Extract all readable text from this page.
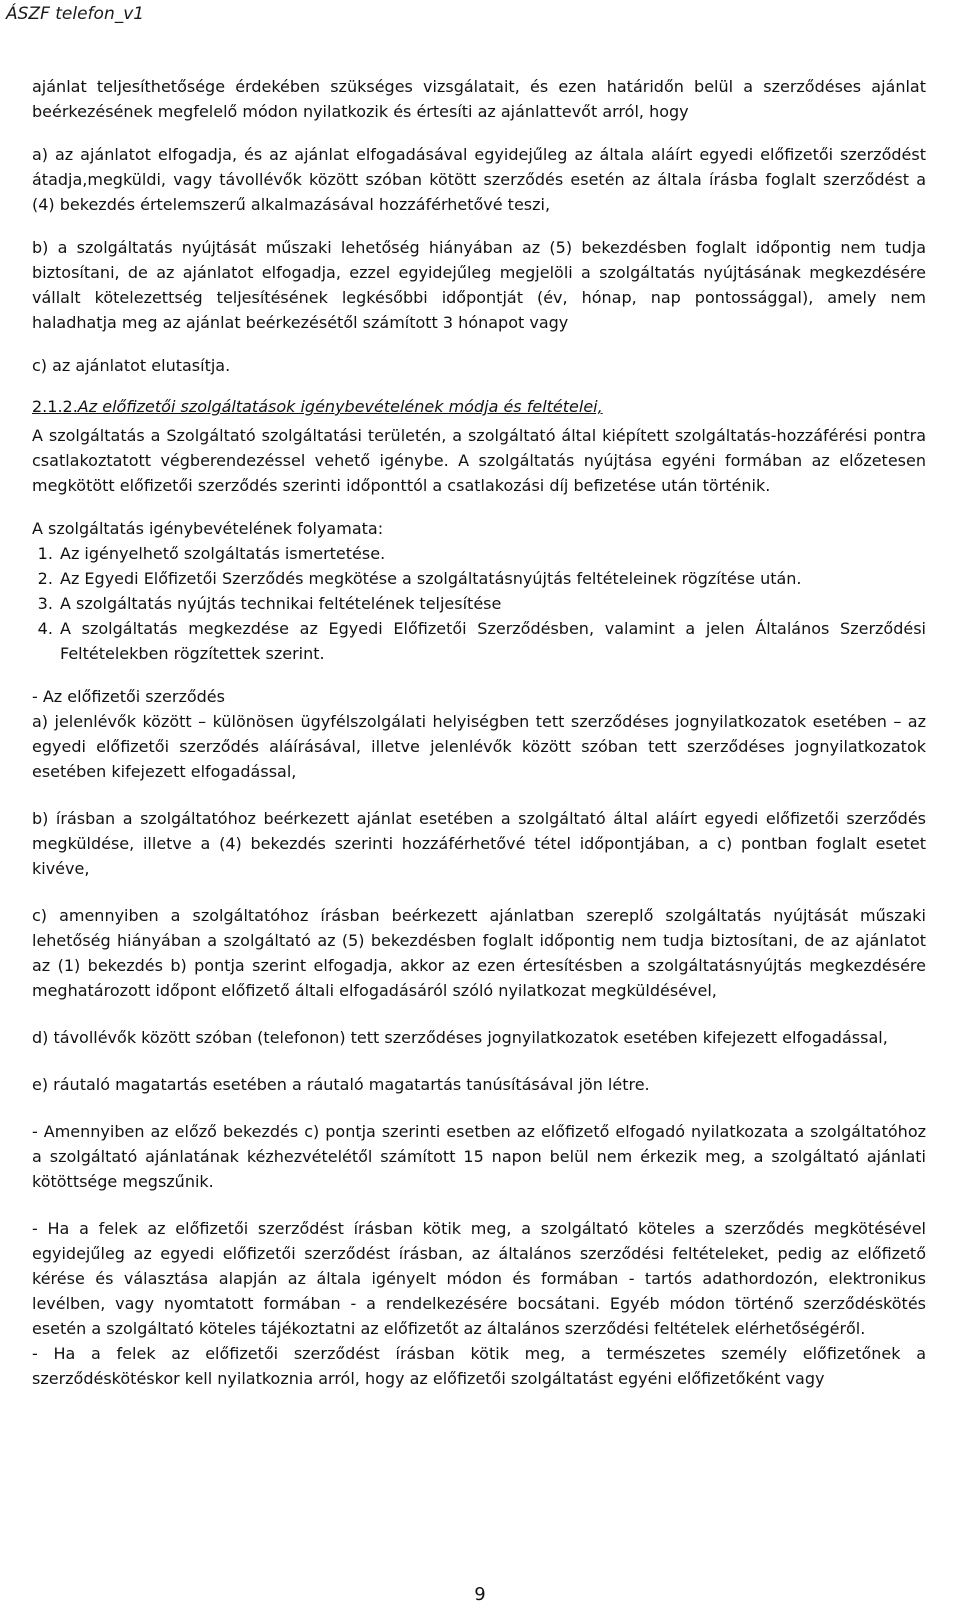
ÁSZF telefon_v1

ajánlat teljesíthetősége érdekében szükséges vizsgálatait, és ezen határidőn belül a szerződéses ajánlat beérkezésének megfelelő módon nyilatkozik és értesíti az ajánlattevőt arról, hogy

a) az ajánlatot elfogadja, és az ajánlat elfogadásával egyidejűleg az általa aláírt egyedi előfizetői szerződést átadja,megküldi, vagy távollévők között szóban kötött szerződés esetén az általa írásba foglalt szerződést a (4) bekezdés értelemszerű alkalmazásával hozzáférhetővé teszi,

b) a szolgáltatás nyújtását műszaki lehetőség hiányában az (5) bekezdésben foglalt időpontig nem tudja biztosítani, de az ajánlatot elfogadja, ezzel egyidejűleg megjelöli a szolgáltatás nyújtásának megkezdésére vállalt kötelezettség teljesítésének legkésőbbi időpontját (év, hónap, nap pontossággal), amely nem haladhatja meg az ajánlat beérkezésétől számított 3 hónapot vagy

c) az ajánlatot elutasítja.

2.1.2.Az előfizetői szolgáltatások igénybevételének módja és feltételei,

A szolgáltatás a Szolgáltató szolgáltatási területén, a szolgáltató által kiépített szolgáltatás-hozzáférési pontra csatlakoztatott végberendezéssel vehető igénybe. A szolgáltatás nyújtása egyéni formában az előzetesen megkötött előfizetői szerződés szerinti időponttól a csatlakozási díj befizetése után történik.

A szolgáltatás igénybevételének folyamata:

1. Az igényelhető szolgáltatás ismertetése.
2. Az Egyedi Előfizetői Szerződés megkötése a szolgáltatásnyújtás feltételeinek rögzítése után.
3. A szolgáltatás nyújtás technikai feltételének teljesítése
4. A szolgáltatás megkezdése az Egyedi Előfizetői Szerződésben, valamint a jelen Általános Szerződési Feltételekben rögzítettek szerint.

- Az előfizetői szerződés

a) jelenlévők között – különösen ügyfélszolgálati helyiségben tett szerződéses jognyilatkozatok esetében – az egyedi előfizetői szerződés aláírásával, illetve jelenlévők között szóban tett szerződéses jognyilatkozatok esetében kifejezett elfogadással,

b) írásban a szolgáltatóhoz beérkezett ajánlat esetében a szolgáltató által aláírt egyedi előfizetői szerződés megküldése, illetve a (4) bekezdés szerinti hozzáférhetővé tétel időpontjában, a c) pontban foglalt esetet kivéve,

c) amennyiben a szolgáltatóhoz írásban beérkezett ajánlatban szereplő szolgáltatás nyújtását műszaki lehetőség hiányában a szolgáltató az (5) bekezdésben foglalt időpontig nem tudja biztosítani, de az ajánlatot az (1) bekezdés b) pontja szerint elfogadja, akkor az ezen értesítésben a szolgáltatásnyújtás megkezdésére meghatározott időpont előfizető általi elfogadásáról szóló nyilatkozat megküldésével,

d) távollévők között szóban (telefonon) tett szerződéses jognyilatkozatok esetében kifejezett elfogadással,

e) ráutaló magatartás esetében a ráutaló magatartás tanúsításával jön létre.

- Amennyiben az előző bekezdés c) pontja szerinti esetben az előfizető elfogadó nyilatkozata a szolgáltatóhoz a szolgáltató ajánlatának kézhezvételétől számított 15 napon belül nem érkezik meg, a szolgáltató ajánlati kötöttsége megszűnik.

- Ha a felek az előfizetői szerződést írásban kötik meg, a szolgáltató köteles a szerződés megkötésével egyidejűleg az egyedi előfizetői szerződést írásban, az általános szerződési feltételeket, pedig az előfizető kérése és választása alapján az általa igényelt módon és formában - tartós adathordozón, elektronikus levélben, vagy nyomtatott formában - a rendelkezésére bocsátani. Egyéb módon történő szerződéskötés esetén a szolgáltató köteles tájékoztatni az előfizetőt az általános szerződési feltételek elérhetőségéről.

- Ha a felek az előfizetői szerződést írásban kötik meg, a természetes személy előfizetőnek a szerződéskötéskor kell nyilatkoznia arról, hogy az előfizetői szolgáltatást egyéni előfizetőként vagy

9
